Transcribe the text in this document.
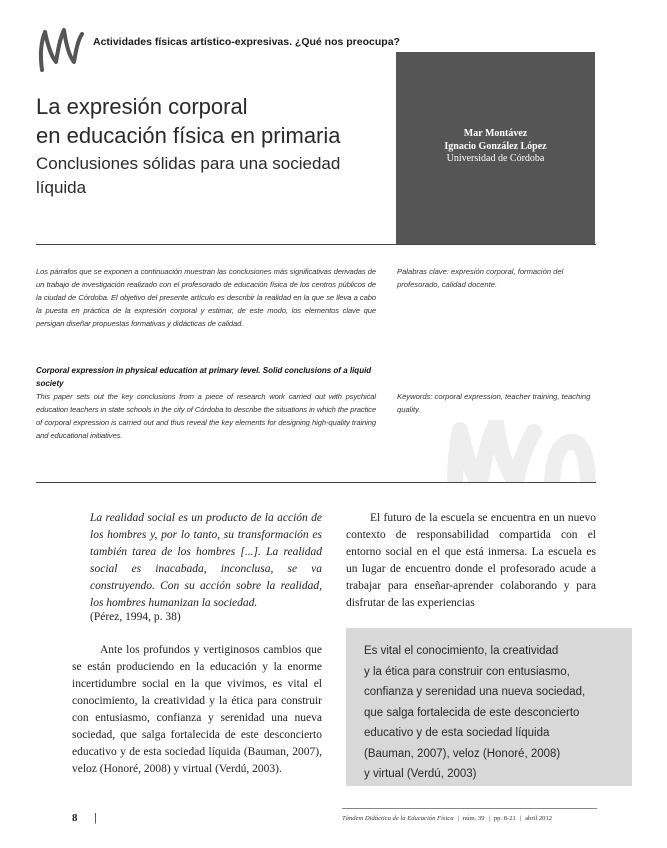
Actividades físicas artístico-expresivas. ¿Qué nos preocupa?
La expresión corporal
en educación física en primaria
Conclusiones sólidas para una sociedad líquida
Mar Montávez
Ignacio González López
Universidad de Córdoba
Los párrafos que se exponen a continuación muestran las conclusiones más significativas derivadas de un trabajo de investigación realizado con el profesorado de educación física de los centros públicos de la ciudad de Córdoba. El objetivo del presente artículo es describir la realidad en la que se lleva a cabo la puesta en práctica de la expresión corporal y estimar, de este modo, los elementos clave que persigan diseñar propuestas formativas y didácticas de calidad.
Palabras clave: expresión corporal, formación del profesorado, calidad docente.
Corporal expression in physical education at primary level. Solid conclusions of a liquid society
This paper sets out the key conclusions from a piece of research work carried out with psychical education teachers in state schools in the city of Córdoba to describe the situations in which the practice of corporal expression is carried out and thus reveal the key elements for designing high-quality training and educational initiatives.
Keywords: corporal expression, teacher training, teaching quality.
La realidad social es un producto de la acción de los hombres y, por lo tanto, su transformación es también tarea de los hombres [...]. La realidad social es inacabada, inconclusa, se va construyendo. Con su acción sobre la realidad, los hombres humanizan la sociedad.
(Pérez, 1994, p. 38)
Ante los profundos y vertiginosos cambios que se están produciendo en la educación y la enorme incertidumbre social en la que vivimos, es vital el conocimiento, la creatividad y la ética para construir con entusiasmo, confianza y serenidad una nueva sociedad, que salga fortalecida de este desconcierto educativo y de esta sociedad líquida (Bauman, 2007), veloz (Honoré, 2008) y virtual (Verdú, 2003).
El futuro de la escuela se encuentra en un nuevo contexto de responsabilidad compartida con el entorno social en el que está inmersa. La escuela es un lugar de encuentro donde el profesorado acude a trabajar para enseñar-aprender colaborando y para disfrutar de las experiencias
Es vital el conocimiento, la creatividad
y la ética para construir con entusiasmo,
confianza y serenidad una nueva sociedad,
que salga fortalecida de este desconcierto
educativo y de esta sociedad líquida
(Bauman, 2007), veloz (Honoré, 2008)
y virtual (Verdú, 2003)
8 |	Tàndem Didáctica de la Educación Física | núm. 39 | pp. 8-21 | abril 2012
